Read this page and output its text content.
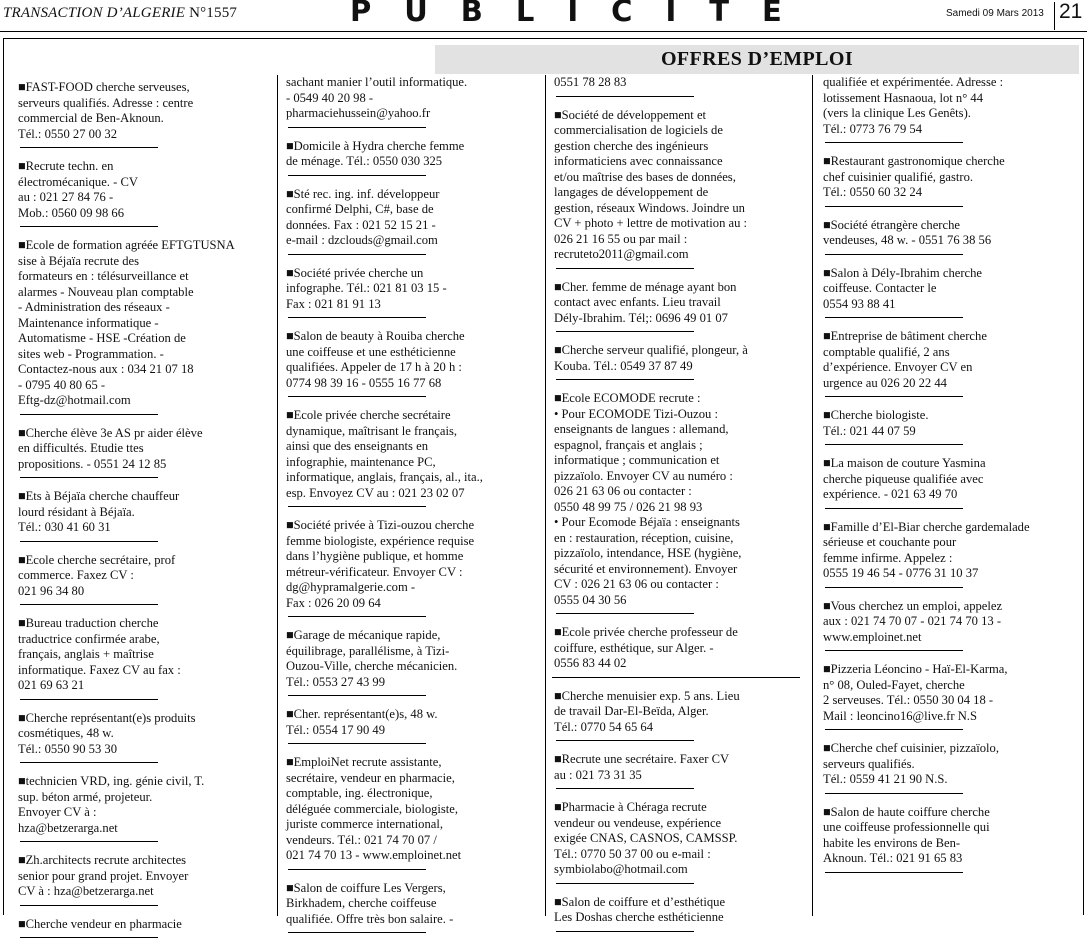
TRANSACTION D’ALGERIE N°1557	PUBLICITE	Samedi 09 Mars 2013 21
OFFRES D’EMPLOI
■FAST-FOOD cherche serveuses,
serveurs qualifiés. Adresse : centre
commercial de Ben-Aknoun.
Tél.: 0550 27 00 32
■Recrute techn. en
électromécanique. - CV
au : 021 27 84 76 -
Mob.: 0560 09 98 66
■Ecole de formation agréée EFTGTUSNA
sise à Béjaïa recrute des
formateurs en : télésurveillance et
alarmes - Nouveau plan comptable
- Administration des réseaux -
Maintenance informatique -
Automatisme - HSE -Création de
sites web - Programmation. -
Contactez-nous aux : 034 21 07 18
- 0795 40 80 65 -
Eftg-dz@hotmail.com
■Cherche élève 3e AS pr aider élève
en difficultés. Etudie ttes
propositions. - 0551 24 12 85
■Ets à Béjaïa cherche chauffeur
lourd résidant à Béjaïa.
Tél.: 030 41 60 31
■Ecole cherche secrétaire, prof
commerce. Faxez CV :
021 96 34 80
■Bureau traduction cherche
traductrice confirmée arabe,
français, anglais + maîtrise
informatique. Faxez CV au fax :
021 69 63 21
■Cherche représentant(e)s produits
cosmétiques, 48 w.
Tél.: 0550 90 53 30
■technicien VRD, ing. génie civil, T.
sup. béton armé, projeteur.
Envoyer CV à :
hza@betzerarga.net
■Zh.architects recrute architectes
senior pour grand projet. Envoyer
CV à : hza@betzerarga.net
■Cherche vendeur en pharmacie
sachant manier l’outil informatique.
- 0549 40 20 98 -
pharmaciehussein@yahoo.fr
■Domicile à Hydra cherche femme
de ménage. Tél.: 0550 030 325
■Sté rec. ing. inf. développeur
confirmé Delphi, C#, base de
données. Fax : 021 52 15 21 -
e-mail : dzclouds@gmail.com
■Société privée cherche un
infographe. Tél.: 021 81 03 15 -
Fax : 021 81 91 13
■Salon de beauty à Rouiba cherche
une coiffeuse et une esthéticienne
qualifiées. Appeler de 17 h à 20 h :
0774 98 39 16 - 0555 16 77 68
■Ecole privée cherche secrétaire
dynamique, maîtrisant le français,
ainsi que des enseignants en
infographie, maintenance PC,
informatique, anglais, français, al., ita.,
esp. Envoyez CV au : 021 23 02 07
■Société privée à Tizi-ouzou cherche
femme biologiste, expérience requise
dans l’hygiène publique, et homme
métreur-vérificateur. Envoyer CV :
dg@hypramalgerie.com -
Fax : 026 20 09 64
■Garage de mécanique rapide,
équilibrage, parallélisme, à Tizi-
Ouzou-Ville, cherche mécanicien.
Tél.: 0553 27 43 99
■Cher. représentant(e)s, 48 w.
Tél.: 0554 17 90 49
■EmploiNet recrute assistante,
secrétaire, vendeur en pharmacie,
comptable, ing. électronique,
déléguée commerciale, biologiste,
juriste commerce international,
vendeurs. Tél.: 021 74 70 07 /
021 74 70 13 - www.emploinet.net
■Salon de coiffure Les Vergers,
Birkhadem, cherche coiffeuse
qualifiée. Offre très bon salaire. -
0551 78 28 83
■Société de développement et
commercialisation de logiciels de
gestion cherche des ingénieurs
informaticiens avec connaissance
et/ou maîtrise des bases de données,
langages de développement de
gestion, réseaux Windows. Joindre un
CV + photo + lettre de motivation au :
026 21 16 55 ou par mail :
recruteto2011@gmail.com
■Cher. femme de ménage ayant bon
contact avec enfants. Lieu travail
Dély-Ibrahim. Tél;: 0696 49 01 07
■Cherche serveur qualifié, plongeur, à
Kouba. Tél.: 0549 37 87 49
■Ecole ECOMODE recrute :
• Pour ECOMODE Tizi-Ouzou :
enseignants de langues : allemand,
espagnol, français et anglais ;
informatique ; communication et
pizzaïolo. Envoyer CV au numéro :
026 21 63 06 ou contacter :
0550 48 99 75 / 026 21 98 93
• Pour Ecomode Béjaïa : enseignants
en : restauration, réception, cuisine,
pizzaïolo, intendance, HSE (hygiène,
sécurité et environnement). Envoyer
CV : 026 21 63 06 ou contacter :
0555 04 30 56
■Ecole privée cherche professeur de
coiffure, esthétique, sur Alger. -
0556 83 44 02
■Cherche menuisier exp. 5 ans. Lieu
de travail Dar-El-Beïda, Alger.
Tél.: 0770 54 65 64
■Recrute une secrétaire. Faxer CV
au : 021 73 31 35
■Pharmacie à Chéraga recrute
vendeur ou vendeuse, expérience
exigée CNAS, CASNOS, CAMSSP.
Tél.: 0770 50 37 00 ou e-mail :
symbiolabo@hotmail.com
■Salon de coiffure et d’esthétique
Les Doshas cherche esthéticienne
qualifiée et expérimentée. Adresse :
lotissement Hasnaoua, lot n° 44
(vers la clinique Les Genêts).
Tél.: 0773 76 79 54
■Restaurant gastronomique cherche
chef cuisinier qualifié, gastro.
Tél.: 0550 60 32 24
■Société étrangère cherche
vendeuses, 48 w. - 0551 76 38 56
■Salon à Dély-Ibrahim cherche
coiffeuse. Contacter le
0554 93 88 41
■Entreprise de bâtiment cherche
comptable qualifié, 2 ans
d’expérience. Envoyer CV en
urgence au 026 20 22 44
■Cherche biologiste.
Tél.: 021 44 07 59
■La maison de couture Yasmina
cherche piqueuse qualifiée avec
expérience. - 021 63 49 70
■Famille d’El-Biar cherche gardemalade
sérieuse et couchante pour
femme infirme. Appelez :
0555 19 46 54 - 0776 31 10 37
■Vous cherchez un emploi, appelez
aux : 021 74 70 07 - 021 74 70 13 -
www.emploinet.net
■Pizzeria Léoncino - Haï-El-Karma,
n° 08, Ouled-Fayet, cherche
2 serveuses. Tél.: 0550 30 04 18 -
Mail : leoncino16@live.fr N.S
■Cherche chef cuisinier, pizzaïolo,
serveurs qualifiés.
Tél.: 0559 41 21 90 N.S.
■Salon de haute coiffure cherche
une coiffeuse professionnelle qui
habite les environs de Ben-
Aknoun. Tél.: 021 91 65 83
